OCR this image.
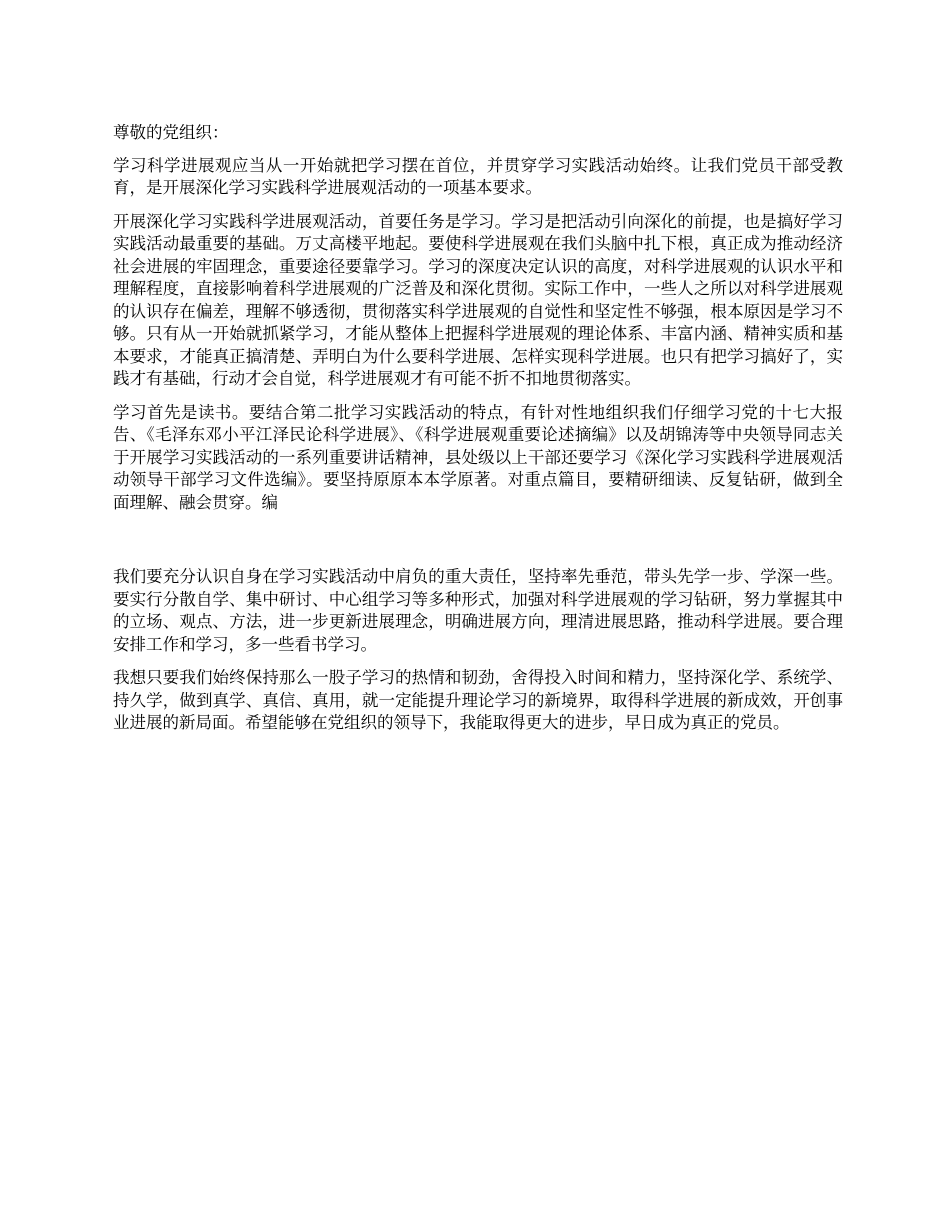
尊敬的党组织：

学习科学进展观应当从一开始就把学习摆在首位，并贯穿学习实践活动始终。让我们党员干部受教育，是开展深化学习实践科学进展观活动的一项基本要求。

开展深化学习实践科学进展观活动，首要任务是学习。学习是把活动引向深化的前提，也是搞好学习实践活动最重要的基础。万丈高楼平地起。要使科学进展观在我们头脑中扎下根，真正成为推动经济社会进展的牢固理念，重要途径要靠学习。学习的深度决定认识的高度，对科学进展观的认识水平和理解程度，直接影响着科学进展观的广泛普及和深化贯彻。实际工作中，一些人之所以对科学进展观的认识存在偏差，理解不够透彻，贯彻落实科学进展观的自觉性和坚定性不够强，根本原因是学习不够。只有从一开始就抓紧学习，才能从整体上把握科学进展观的理论体系、丰富内涵、精神实质和基本要求，才能真正搞清楚、弄明白为什么要科学进展、怎样实现科学进展。也只有把学习搞好了，实践才有基础，行动才会自觉，科学进展观才有可能不折不扣地贯彻落实。

学习首先是读书。要结合第二批学习实践活动的特点，有针对性地组织我们仔细学习党的十七大报告、《毛泽东邓小平江泽民论科学进展》、《科学进展观重要论述摘编》以及胡锦涛等中央领导同志关于开展学习实践活动的一系列重要讲话精神，县处级以上干部还要学习《深化学习实践科学进展观活动领导干部学习文件选编》。要坚持原原本本学原著。对重点篇目，要精研细读、反复钻研，做到全面理解、融会贯穿。编

我们要充分认识自身在学习实践活动中肩负的重大责任，坚持率先垂范，带头先学一步、学深一些。要实行分散自学、集中研讨、中心组学习等多种形式，加强对科学进展观的学习钻研，努力掌握其中的立场、观点、方法，进一步更新进展理念，明确进展方向，理清进展思路，推动科学进展。要合理安排工作和学习，多一些看书学习。

我想只要我们始终保持那么一股子学习的热情和韧劲，舍得投入时间和精力，坚持深化学、系统学、持久学，做到真学、真信、真用，就一定能提升理论学习的新境界，取得科学进展的新成效，开创事业进展的新局面。希望能够在党组织的领导下，我能取得更大的进步，早日成为真正的党员。
